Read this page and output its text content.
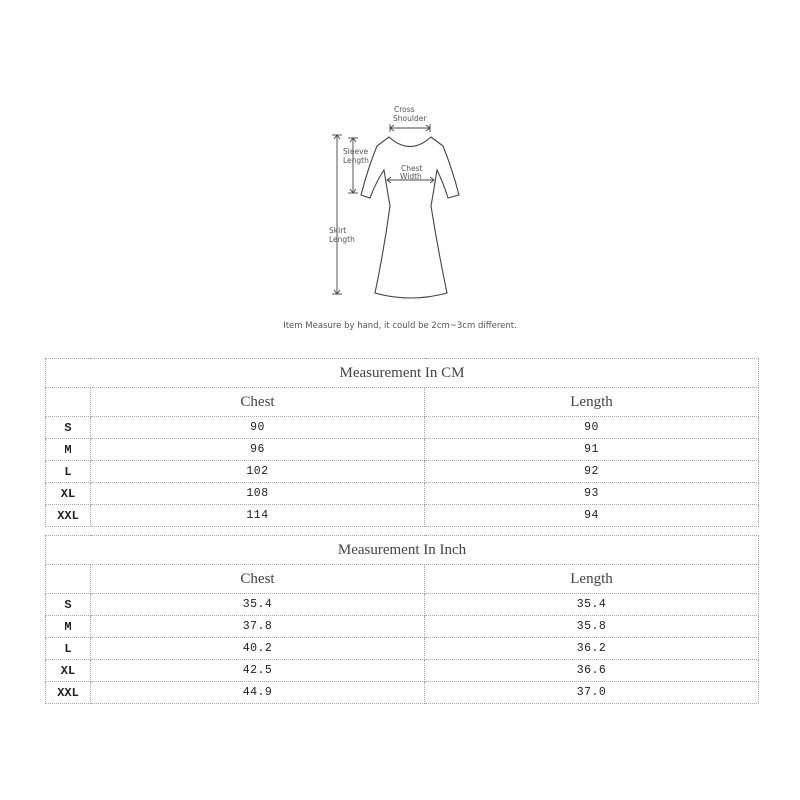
Cross
Shoulder
Sleeve
Length
Chest
Width
Skirt
Length
Item Measure by hand, it could be 2cm~3cm different.
Measurement In CM		
	Chest	Length
S	90	90
M	96	91
L	102	92
XL	108	93
XXL	114	94
Measurement In Inch		
	Chest	Length
S	35.4	35.4
M	37.8	35.8
L	40.2	36.2
XL	42.5	36.6
XXL	44.9	37.0
